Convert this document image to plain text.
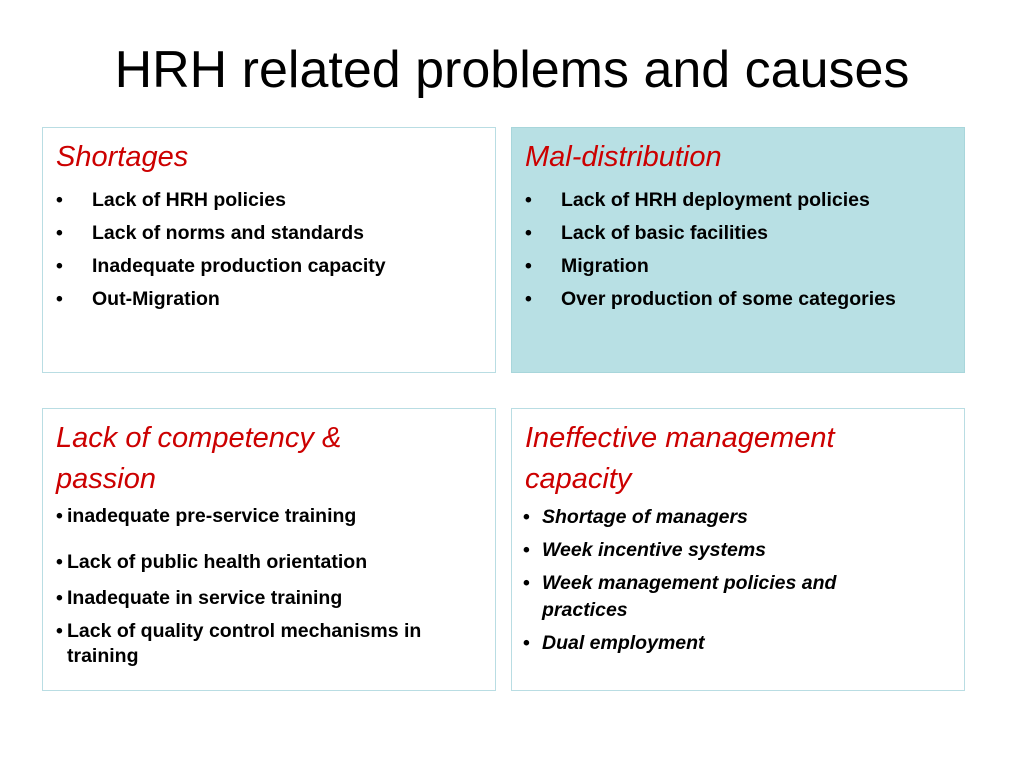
HRH related problems and causes
Shortages
• Lack of HRH policies
• Lack of norms and standards
• Inadequate production capacity
• Out-Migration
Mal-distribution
• Lack of HRH deployment policies
• Lack of basic facilities
• Migration
• Over production of some categories
Lack of competency & passion
• inadequate pre-service training
• Lack of public health orientation
• Inadequate in service training
• Lack of quality control mechanisms in training
Ineffective management capacity
• Shortage of managers
• Week incentive systems
• Week management policies and practices
• Dual employment
